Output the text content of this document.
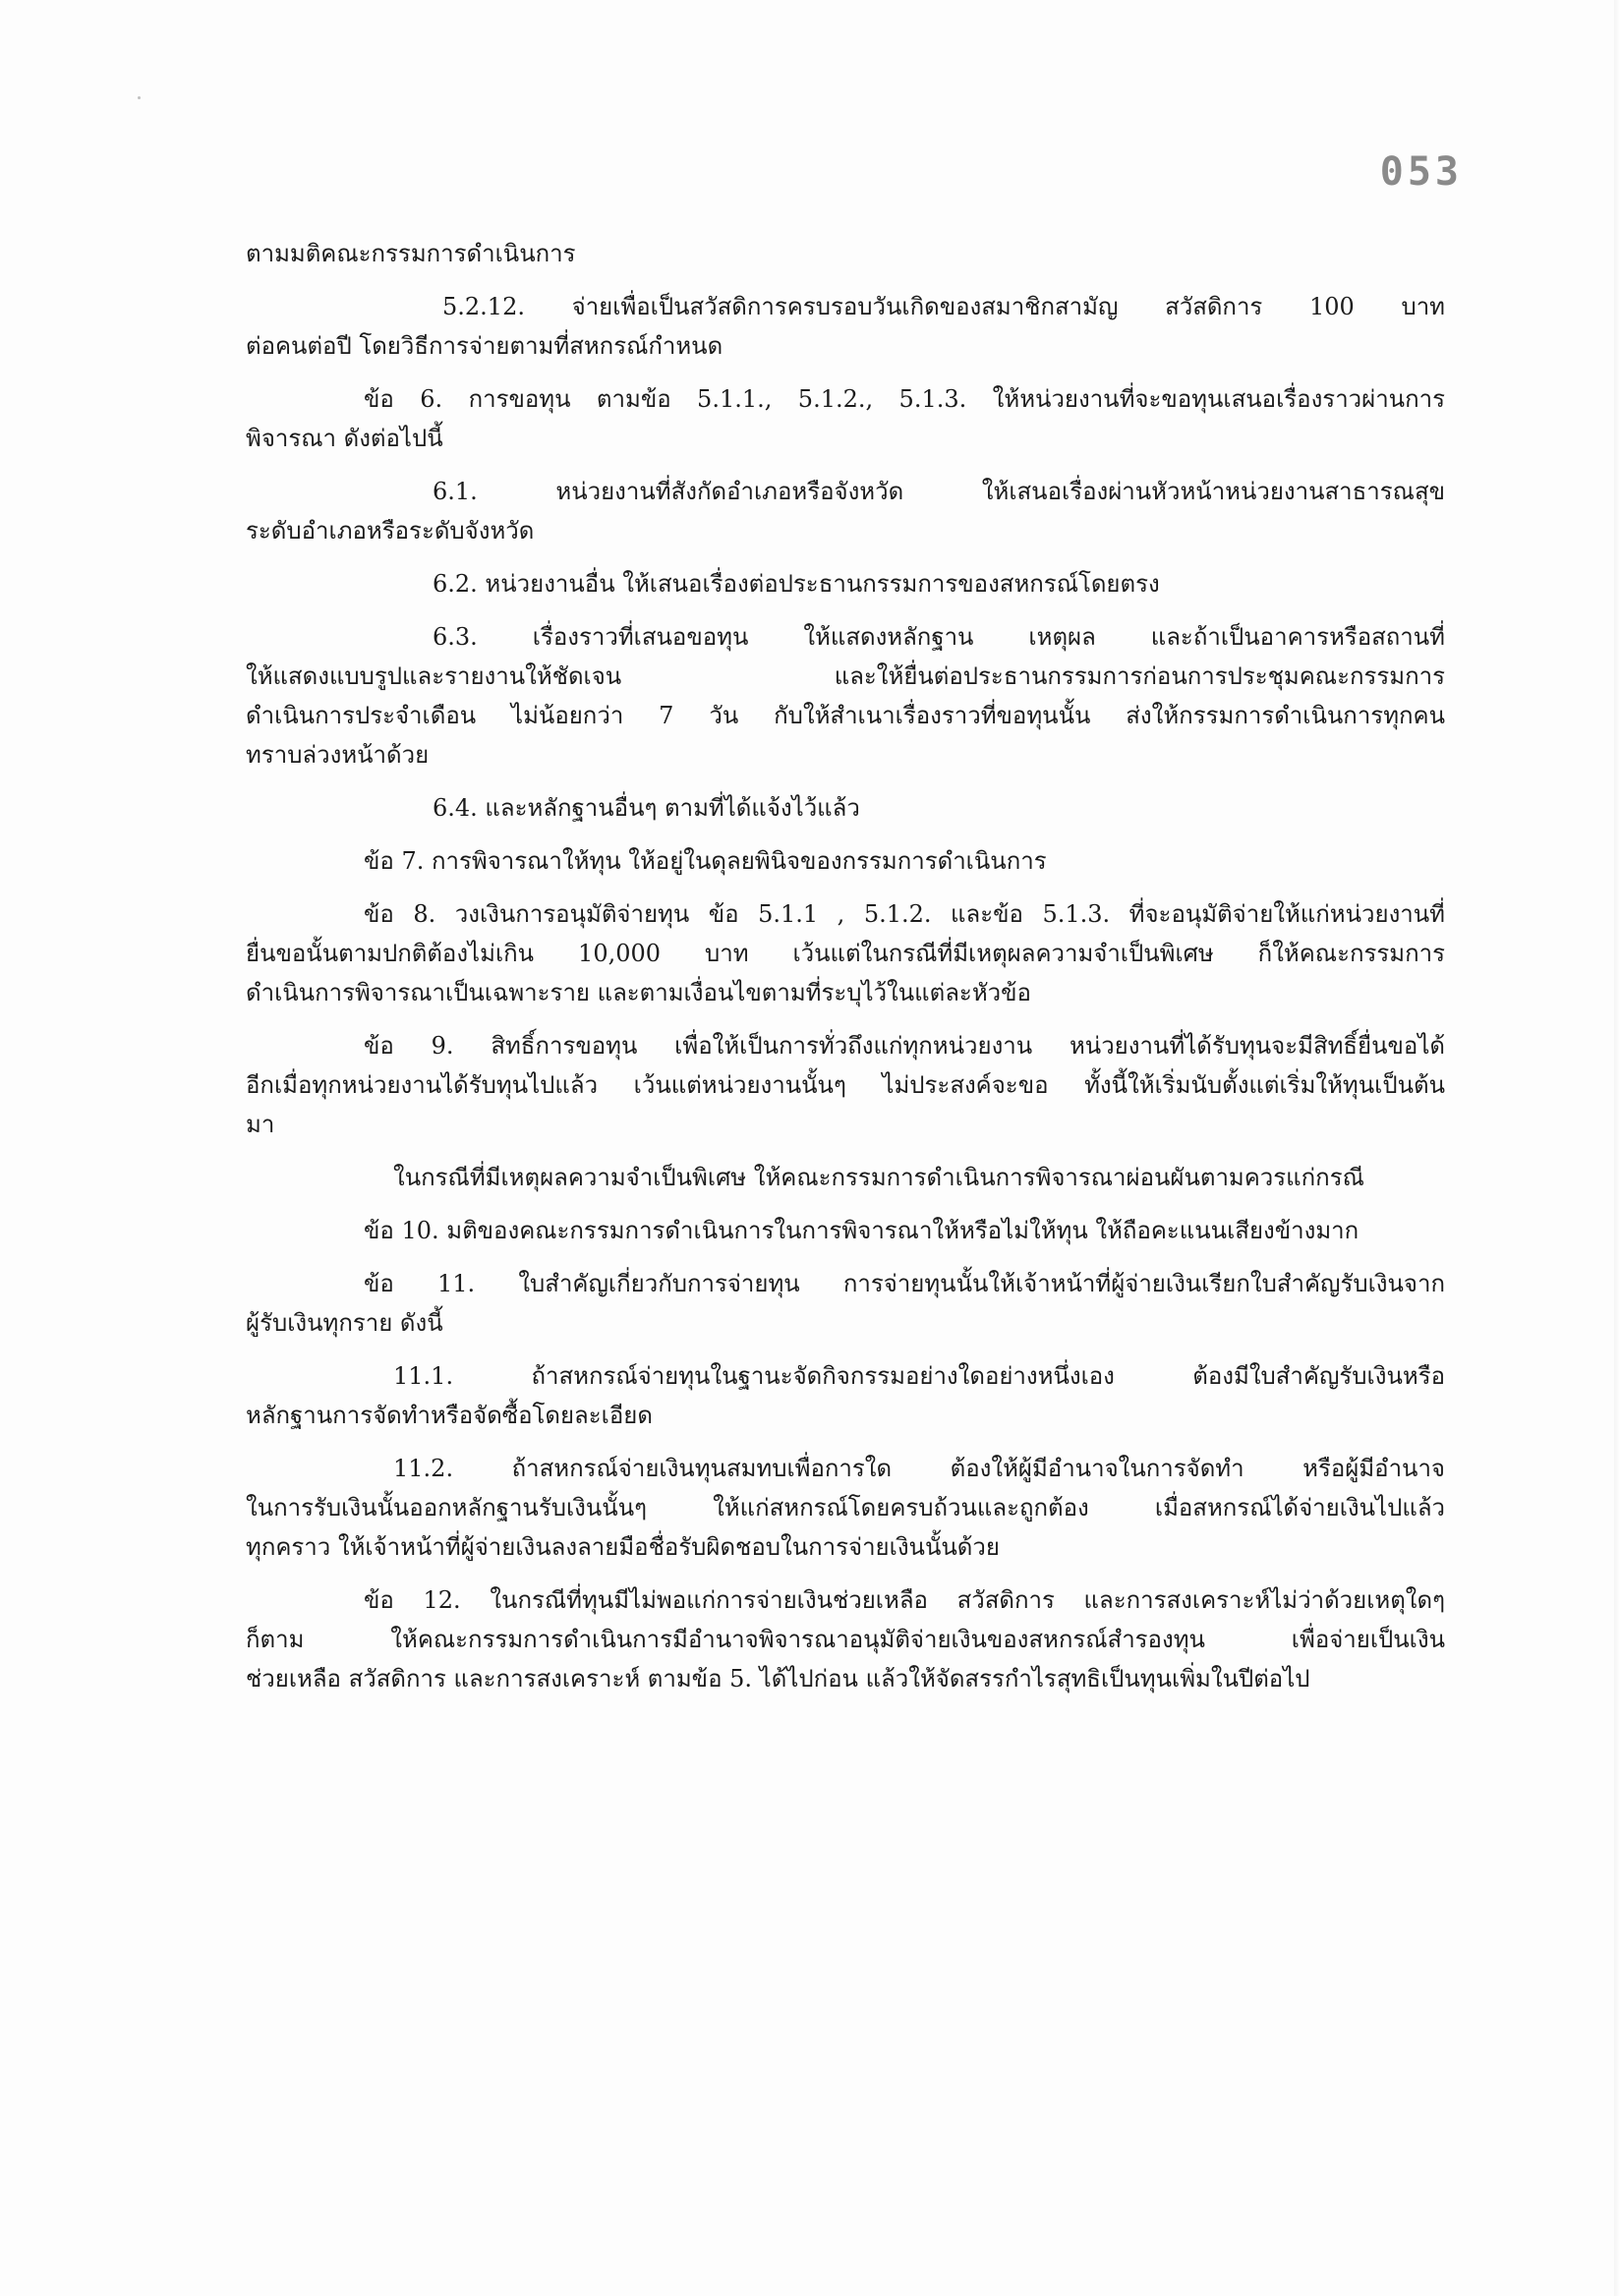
053

ตามมติคณะกรรมการดำเนินการ

5.2.12. จ่ายเพื่อเป็นสวัสดิการครบรอบวันเกิดของสมาชิกสามัญ สวัสดิการ 100 บาท

ต่อคนต่อปี โดยวิธีการจ่ายตามที่สหกรณ์กำหนด

ข้อ 6. การขอทุน ตามข้อ 5.1.1., 5.1.2., 5.1.3. ให้หน่วยงานที่จะขอทุนเสนอเรื่องราวผ่านการ

พิจารณา ดังต่อไปนี้

6.1. หน่วยงานที่สังกัดอำเภอหรือจังหวัด ให้เสนอเรื่องผ่านหัวหน้าหน่วยงานสาธารณสุข

ระดับอำเภอหรือระดับจังหวัด

6.2. หน่วยงานอื่น ให้เสนอเรื่องต่อประธานกรรมการของสหกรณ์โดยตรง

6.3. เรื่องราวที่เสนอขอทุน ให้แสดงหลักฐาน เหตุผล และถ้าเป็นอาคารหรือสถานที่

ให้แสดงแบบรูปและรายงานให้ชัดเจน และให้ยื่นต่อประธานกรรมการก่อนการประชุมคณะกรรมการ

ดำเนินการประจำเดือน ไม่น้อยกว่า 7 วัน กับให้สำเนาเรื่องราวที่ขอทุนนั้น ส่งให้กรรมการดำเนินการทุกคน

ทราบล่วงหน้าด้วย

6.4. และหลักฐานอื่นๆ ตามที่ได้แจ้งไว้แล้ว

ข้อ 7. การพิจารณาให้ทุน ให้อยู่ในดุลยพินิจของกรรมการดำเนินการ

ข้อ 8. วงเงินการอนุมัติจ่ายทุน ข้อ 5.1.1 , 5.1.2. และข้อ 5.1.3. ที่จะอนุมัติจ่ายให้แก่หน่วยงานที่

ยื่นขอนั้นตามปกติต้องไม่เกิน 10,000 บาท เว้นแต่ในกรณีที่มีเหตุผลความจำเป็นพิเศษ ก็ให้คณะกรรมการ

ดำเนินการพิจารณาเป็นเฉพาะราย และตามเงื่อนไขตามที่ระบุไว้ในแต่ละหัวข้อ

ข้อ 9. สิทธิ์การขอทุน เพื่อให้เป็นการทั่วถึงแก่ทุกหน่วยงาน หน่วยงานที่ได้รับทุนจะมีสิทธิ์ยื่นขอได้

อีกเมื่อทุกหน่วยงานได้รับทุนไปแล้ว เว้นแต่หน่วยงานนั้นๆ ไม่ประสงค์จะขอ ทั้งนี้ให้เริ่มนับตั้งแต่เริ่มให้ทุนเป็นต้น

มา

ในกรณีที่มีเหตุผลความจำเป็นพิเศษ ให้คณะกรรมการดำเนินการพิจารณาผ่อนผันตามควรแก่กรณี

ข้อ 10. มติของคณะกรรมการดำเนินการในการพิจารณาให้หรือไม่ให้ทุน ให้ถือคะแนนเสียงข้างมาก

ข้อ 11. ใบสำคัญเกี่ยวกับการจ่ายทุน การจ่ายทุนนั้นให้เจ้าหน้าที่ผู้จ่ายเงินเรียกใบสำคัญรับเงินจาก

ผู้รับเงินทุกราย ดังนี้

11.1. ถ้าสหกรณ์จ่ายทุนในฐานะจัดกิจกรรมอย่างใดอย่างหนึ่งเอง ต้องมีใบสำคัญรับเงินหรือ

หลักฐานการจัดทำหรือจัดซื้อโดยละเอียด

11.2. ถ้าสหกรณ์จ่ายเงินทุนสมทบเพื่อการใด ต้องให้ผู้มีอำนาจในการจัดทำ หรือผู้มีอำนาจ

ในการรับเงินนั้นออกหลักฐานรับเงินนั้นๆ ให้แก่สหกรณ์โดยครบถ้วนและถูกต้อง เมื่อสหกรณ์ได้จ่ายเงินไปแล้ว

ทุกคราว ให้เจ้าหน้าที่ผู้จ่ายเงินลงลายมือชื่อรับผิดชอบในการจ่ายเงินนั้นด้วย

ข้อ 12. ในกรณีที่ทุนมีไม่พอแก่การจ่ายเงินช่วยเหลือ สวัสดิการ และการสงเคราะห์ไม่ว่าด้วยเหตุใดๆ

ก็ตาม ให้คณะกรรมการดำเนินการมีอำนาจพิจารณาอนุมัติจ่ายเงินของสหกรณ์สำรองทุน เพื่อจ่ายเป็นเงิน

ช่วยเหลือ สวัสดิการ และการสงเคราะห์ ตามข้อ 5. ได้ไปก่อน แล้วให้จัดสรรกำไรสุทธิเป็นทุนเพิ่มในปีต่อไป
